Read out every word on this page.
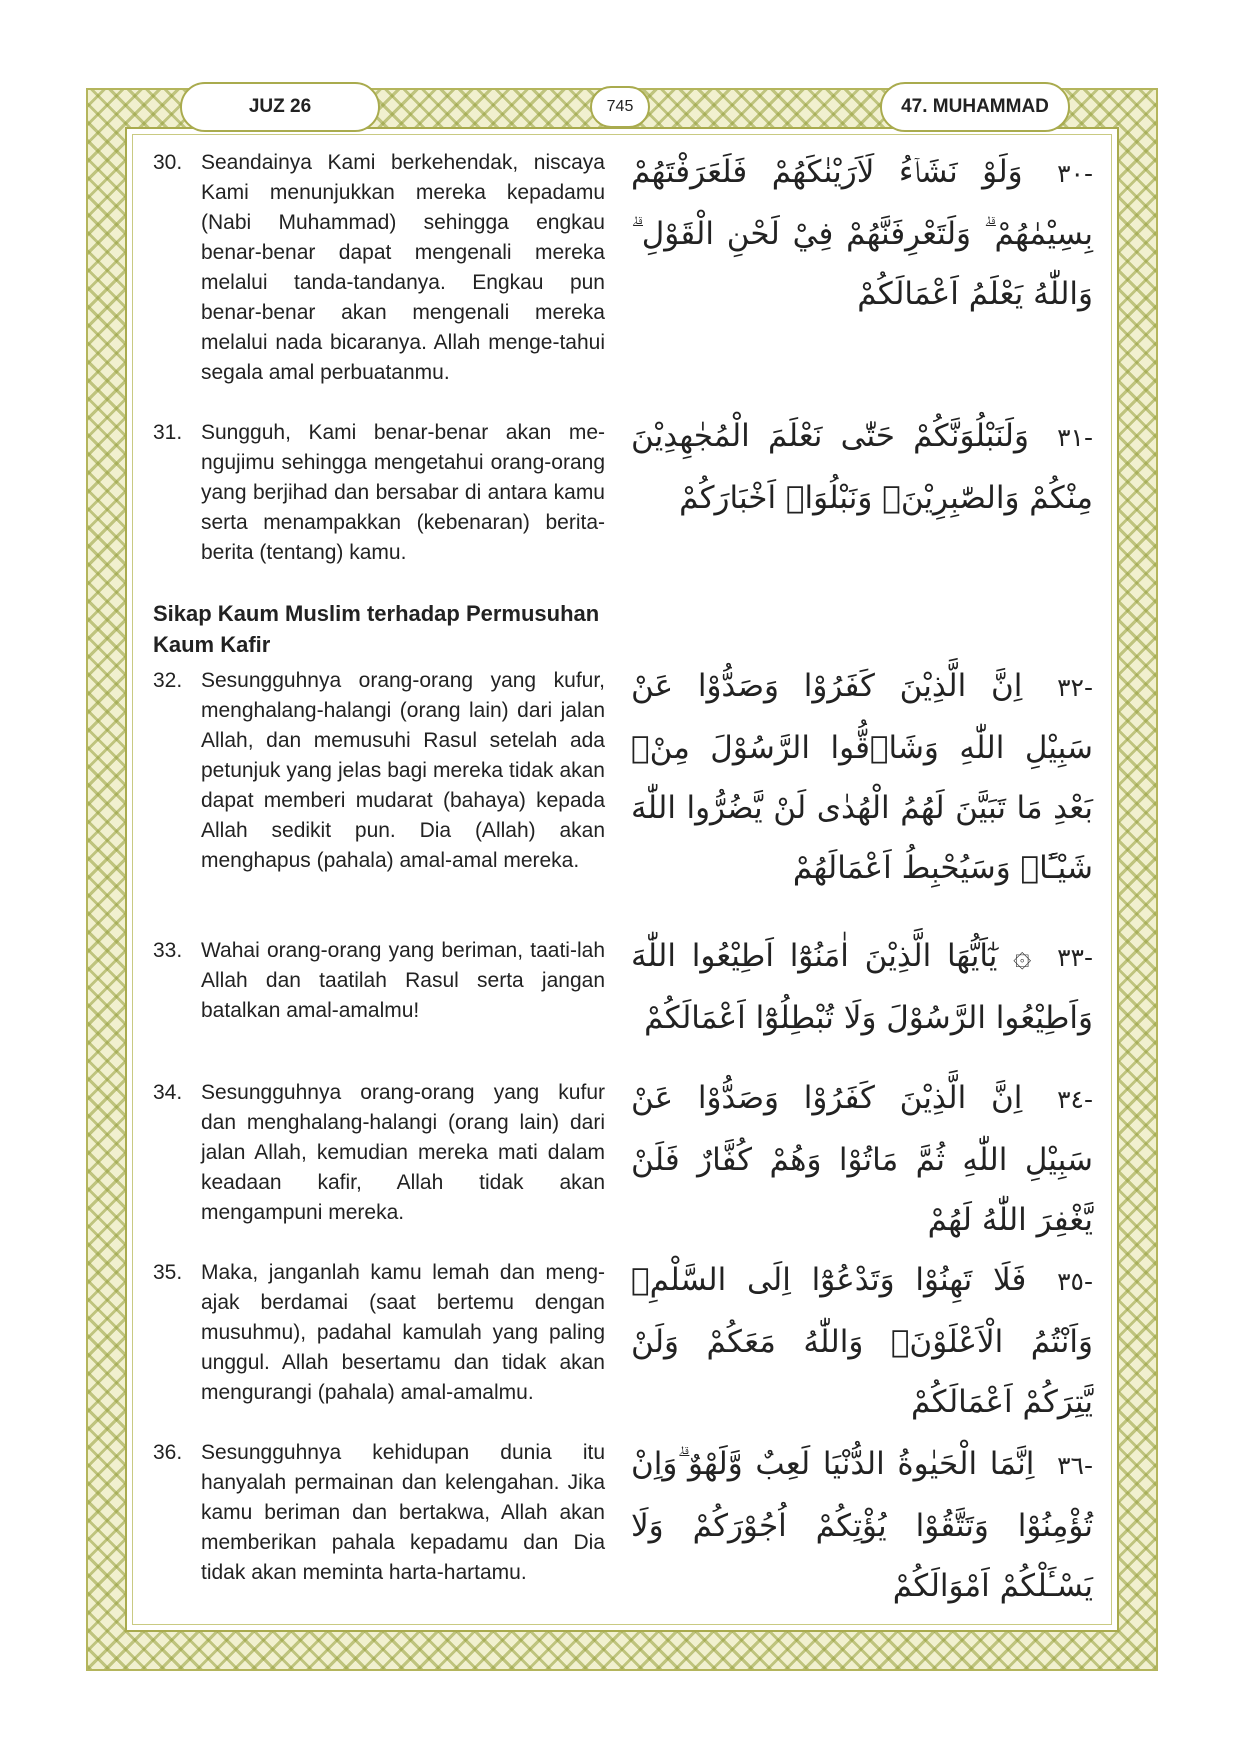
JUZ 26	745	47. MUHAMMAD
30. Seandainya Kami berkehendak, niscaya Kami menunjukkan mereka kepadamu (Nabi Muhammad) sehingga engkau benar-benar dapat mengenali mereka melalui tanda-tandanya. Engkau pun benar-benar akan mengenali mereka melalui nada bicaranya. Allah menge-tahui segala amal perbuatanmu.
-٣٠ وَلَوْ نَشَاۤءُ لَاَرَيْنٰكَهُمْ فَلَعَرَفْتَهُمْ بِسِيْمٰهُمْ ۗ وَلَتَعْرِفَنَّهُمْ فِيْ لَحْنِ الْقَوْلِ ۗ وَاللّٰهُ يَعْلَمُ اَعْمَالَكُمْ
31. Sungguh, Kami benar-benar akan me-ngujimu sehingga mengetahui orang-orang yang berjihad dan bersabar di antara kamu serta menampakkan (kebenaran) berita-berita (tentang) kamu.
-٣١ وَلَنَبْلُوَنَّكُمْ حَتّٰى نَعْلَمَ الْمُجٰهِدِيْنَ مِنْكُمْ وَالصّٰبِرِيْنَۙ وَنَبْلُوَا۟ اَخْبَارَكُمْ
Sikap Kaum Muslim terhadap Permusuhan Kaum Kafir
32. Sesungguhnya orang-orang yang kufur, menghalang-halangi (orang lain) dari jalan Allah, dan memusuhi Rasul setelah ada petunjuk yang jelas bagi mereka tidak akan dapat memberi mudarat (bahaya) kepada Allah sedikit pun. Dia (Allah) akan menghapus (pahala) amal-amal mereka.
-٣٢ اِنَّ الَّذِيْنَ كَفَرُوْا وَصَدُّوْا عَنْ سَبِيْلِ اللّٰهِ وَشَاۤقُّوا الرَّسُوْلَ مِنْۢ بَعْدِ مَا تَبَيَّنَ لَهُمُ الْهُدٰى لَنْ يَّضُرُّوا اللّٰهَ شَيْـًٔاۗ وَسَيُحْبِطُ اَعْمَالَهُمْ
33. Wahai orang-orang yang beriman, taati-lah Allah dan taatilah Rasul serta jangan batalkan amal-amalmu!
-٣٣ ۞ يٰٓاَيُّهَا الَّذِيْنَ اٰمَنُوْٓا اَطِيْعُوا اللّٰهَ وَاَطِيْعُوا الرَّسُوْلَ وَلَا تُبْطِلُوْٓا اَعْمَالَكُمْ
34. Sesungguhnya orang-orang yang kufur dan menghalang-halangi (orang lain) dari jalan Allah, kemudian mereka mati dalam keadaan kafir, Allah tidak akan mengampuni mereka.
-٣٤ اِنَّ الَّذِيْنَ كَفَرُوْا وَصَدُّوْا عَنْ سَبِيْلِ اللّٰهِ ثُمَّ مَاتُوْا وَهُمْ كُفَّارٌ فَلَنْ يَّغْفِرَ اللّٰهُ لَهُمْ
35. Maka, janganlah kamu lemah dan meng-ajak berdamai (saat bertemu dengan musuhmu), padahal kamulah yang paling unggul. Allah besertamu dan tidak akan mengurangi (pahala) amal-amalmu.
-٣٥ فَلَا تَهِنُوْا وَتَدْعُوْٓا اِلَى السَّلْمِۖ وَاَنْتُمُ الْاَعْلَوْنَۗ وَاللّٰهُ مَعَكُمْ وَلَنْ يَّتِرَكُمْ اَعْمَالَكُمْ
36. Sesungguhnya kehidupan dunia itu hanyalah permainan dan kelengahan. Jika kamu beriman dan bertakwa, Allah akan memberikan pahala kepadamu dan Dia tidak akan meminta harta-hartamu.
-٣٦ اِنَّمَا الْحَيٰوةُ الدُّنْيَا لَعِبٌ وَّلَهْوٌ ۗوَاِنْ تُؤْمِنُوْا وَتَتَّقُوْا يُؤْتِكُمْ اُجُوْرَكُمْ وَلَا يَسْـَٔلْكُمْ اَمْوَالَكُمْ
